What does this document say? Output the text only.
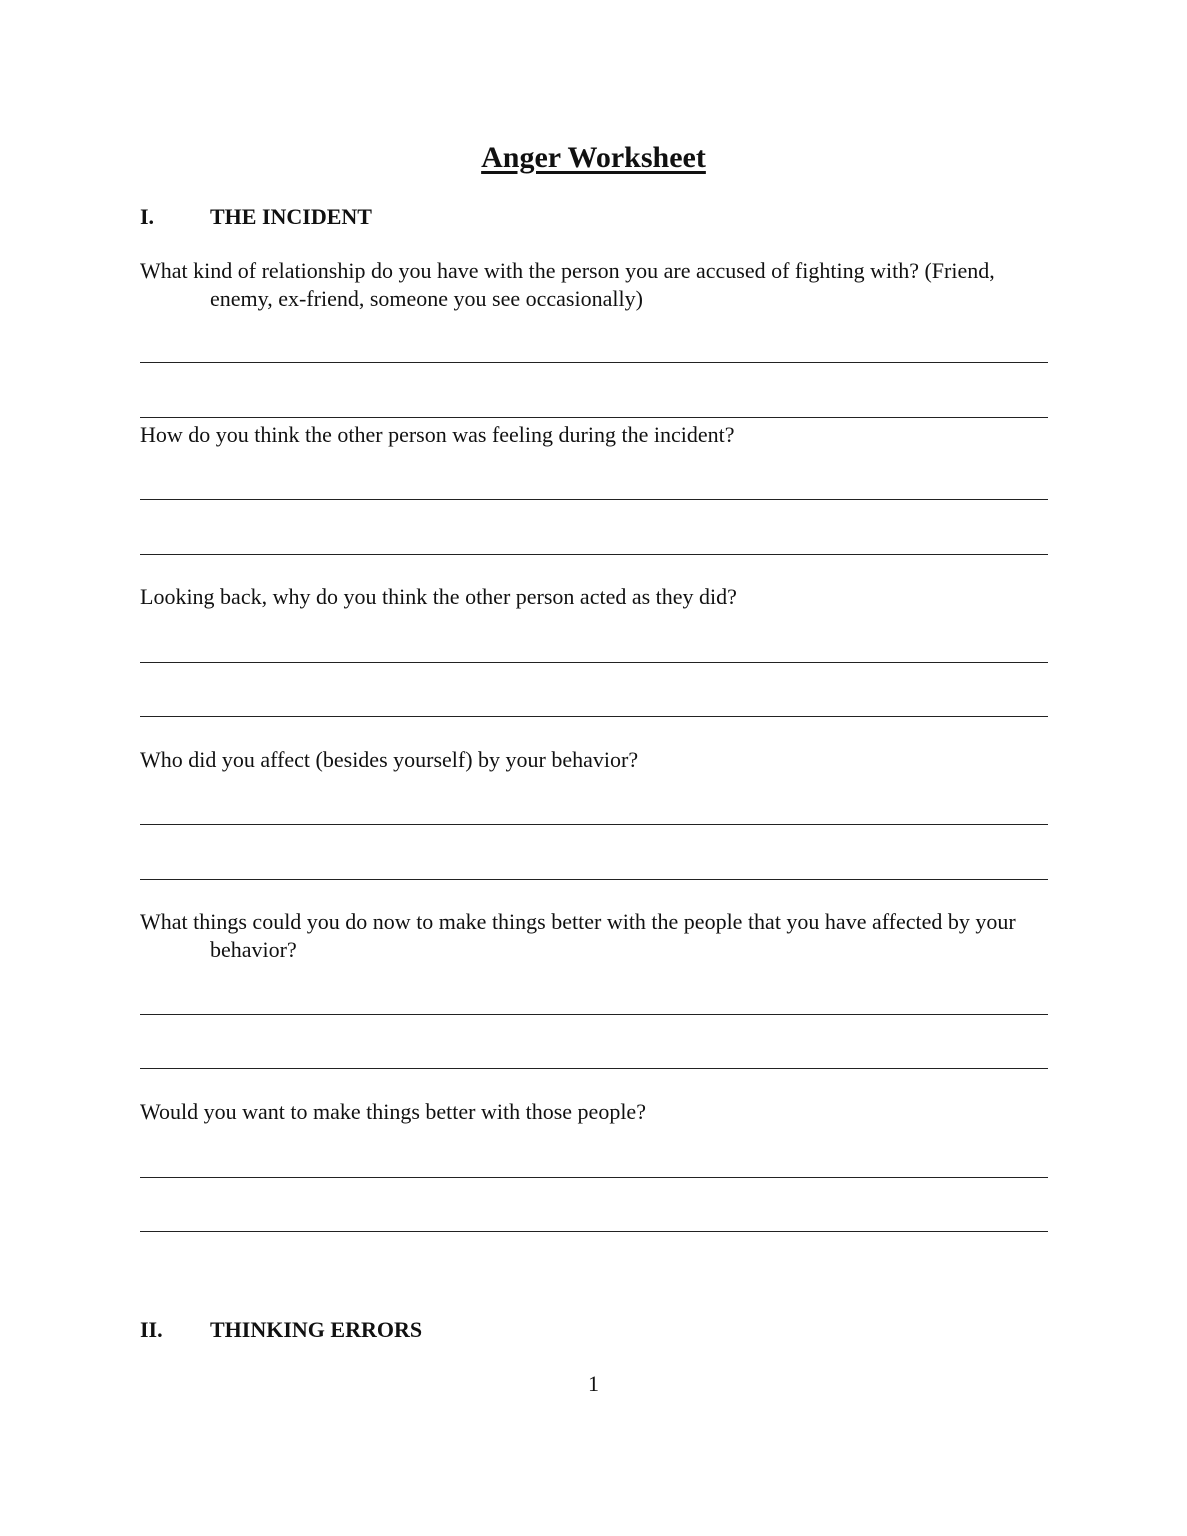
Anger Worksheet
I.	THE INCIDENT
What kind of relationship do you have with the person you are accused of fighting with? (Friend, enemy, ex-friend, someone you see occasionally)
How do you think the other person was feeling during the incident?
Looking back, why do you think the other person acted as they did?
Who did you affect (besides yourself) by your behavior?
What things could you do now to make things better with the people that you have affected by your behavior?
Would you want to make things better with those people?
II. THINKING ERRORS
1
